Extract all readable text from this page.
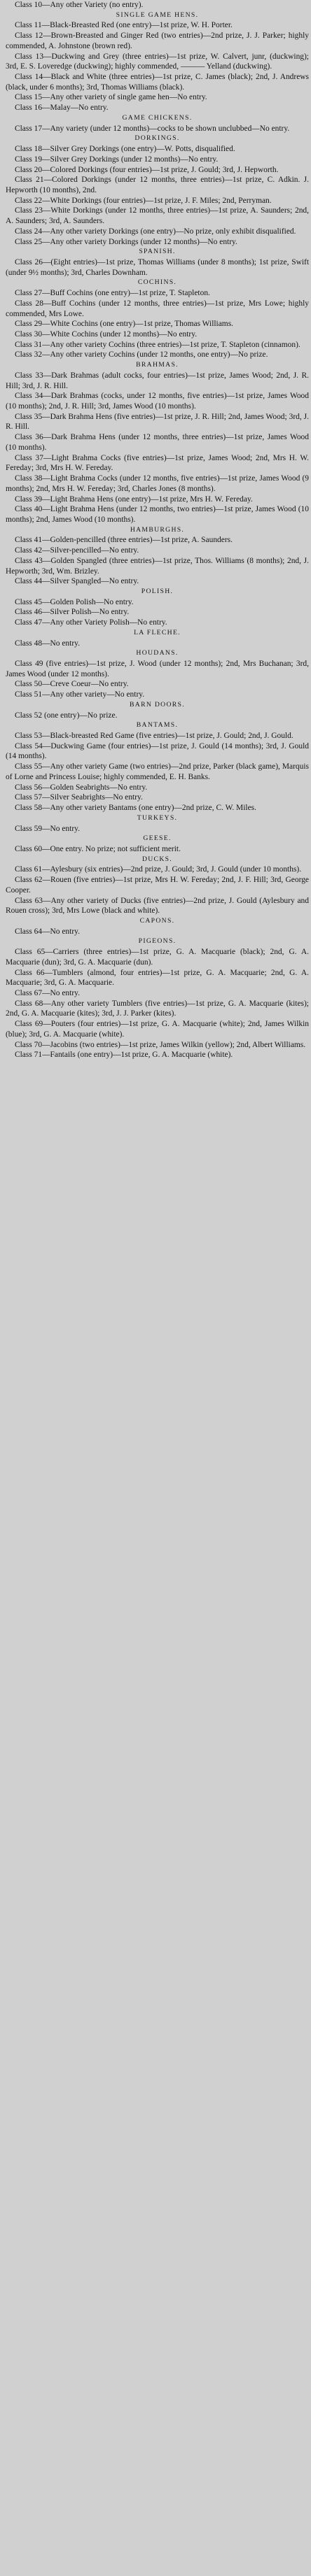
Class 10—Any other Variety (no entry).

SINGLE GAME HENS.

Class 11—Black-Breasted Red (one entry)—1st prize, W. H. Porter.

Class 12—Brown-Breasted and Ginger Red (two entries)—2nd prize, J. J. Parker; highly commended, A. Johnstone (brown red).

Class 13—Duckwing and Grey (three entries)—1st prize, W. Calvert, junr, (duckwing); 3rd, E. S. Loveredge (duckwing); highly commended, ——— Yelland (duckwing).

Class 14—Black and White (three entries)—1st prize, C. James (black); 2nd, J. Andrews (black, under 6 months); 3rd, Thomas Williams (black).

Class 15—Any other variety of single game hen—No entry.

Class 16—Malay—No entry.

GAME CHICKENS.

Class 17—Any variety (under 12 months)—cocks to be shown unclubbed—No entry.

DORKINGS.

Class 18—Silver Grey Dorkings (one entry)—W. Potts, disqualified.

Class 19—Silver Grey Dorkings (under 12 months)—No entry.

Class 20—Colored Dorkings (four entries)—1st prize, J. Gould; 3rd, J. Hepworth.

Class 21—Colored Dorkings (under 12 months, three entries)—1st prize, C. Adkin. J. Hepworth (10 months), 2nd.

Class 22—White Dorkings (four entries)—1st prize, J. F. Miles; 2nd, Perryman.

Class 23—White Dorkings (under 12 months, three entries)—1st prize, A. Saunders; 2nd, A. Saunders; 3rd, A. Saunders.

Class 24—Any other variety Dorkings (one entry)—No prize, only exhibit disqualified.

Class 25—Any other variety Dorkings (under 12 months)—No entry.

SPANISH.

Class 26—(Eight entries)—1st prize, Thomas Williams (under 8 months); 1st prize, Swift (under 9½ months); 3rd, Charles Downham.

COCHINS.

Class 27—Buff Cochins (one entry)—1st prize, T. Stapleton.

Class 28—Buff Cochins (under 12 months, three entries)—1st prize, Mrs Lowe; highly commended, Mrs Lowe.

Class 29—White Cochins (one entry)—1st prize, Thomas Williams.

Class 30—White Cochins (under 12 months)—No entry.

Class 31—Any other variety Cochins (three entries)—1st prize, T. Stapleton (cinnamon).

Class 32—Any other variety Cochins (under 12 months, one entry)—No prize.

BRAHMAS.

Class 33—Dark Brahmas (adult cocks, four entries)—1st prize, James Wood; 2nd, J. R. Hill; 3rd, J. R. Hill.

Class 34—Dark Brahmas (cocks, under 12 months, five entries)—1st prize, James Wood (10 months); 2nd, J. R. Hill; 3rd, James Wood (10 months).

Class 35—Dark Brahma Hens (five entries)—1st prize, J. R. Hill; 2nd, James Wood; 3rd, J. R. Hill.

Class 36—Dark Brahma Hens (under 12 months, three entries)—1st prize, James Wood (10 months).

Class 37—Light Brahma Cocks (five entries)—1st prize, James Wood; 2nd, Mrs H. W. Fereday; 3rd, Mrs H. W. Fereday.

Class 38—Light Brahma Cocks (under 12 months, five entries)—1st prize, James Wood (9 months); 2nd, Mrs H. W. Fereday; 3rd, Charles Jones (8 months).

Class 39—Light Brahma Hens (one entry)—1st prize, Mrs H. W. Fereday.

Class 40—Light Brahma Hens (under 12 months, two entries)—1st prize, James Wood (10 months); 2nd, James Wood (10 months).

HAMBURGHS.

Class 41—Golden-pencilled (three entries)—1st prize, A. Saunders.

Class 42—Silver-pencilled—No entry.

Class 43—Golden Spangled (three entries)—1st prize, Thos. Williams (8 months); 2nd, J. Hepworth; 3rd, Wm. Brizley.

Class 44—Silver Spangled—No entry.

POLISH.

Class 45—Golden Polish—No entry.

Class 46—Silver Polish—No entry.

Class 47—Any other Variety Polish—No entry.

LA FLECHE.

Class 48—No entry.

HOUDANS.

Class 49 (five entries)—1st prize, J. Wood (under 12 months); 2nd, Mrs Buchanan; 3rd, James Wood (under 12 months).

Class 50—Creve Coeur—No entry.

Class 51—Any other variety—No entry.

BARN DOORS.

Class 52 (one entry)—No prize.

BANTAMS.

Class 53—Black-breasted Red Game (five entries)—1st prize, J. Gould; 2nd, J. Gould.

Class 54—Duckwing Game (four entries)—1st prize, J. Gould (14 months); 3rd, J. Gould (14 months).

Class 55—Any other variety Game (two entries)—2nd prize, Parker (black game), Marquis of Lorne and Princess Louise; highly commended, E. H. Banks.

Class 56—Golden Seabrights—No entry.

Class 57—Silver Seabrights—No entry.

Class 58—Any other variety Bantams (one entry)—2nd prize, C. W. Miles.

TURKEYS.

Class 59—No entry.

GEESE.

Class 60—One entry. No prize; not sufficient merit.

DUCKS.

Class 61—Aylesbury (six entries)—2nd prize, J. Gould; 3rd, J. Gould (under 10 months).

Class 62—Rouen (five entries)—1st prize, Mrs H. W. Fereday; 2nd, J. F. Hill; 3rd, George Cooper.

Class 63—Any other variety of Ducks (five entries)—2nd prize, J. Gould (Aylesbury and Rouen cross); 3rd, Mrs Lowe (black and white).

CAPONS.

Class 64—No entry.

PIGEONS.

Class 65—Carriers (three entries)—1st prize, G. A. Macquarie (black); 2nd, G. A. Macquarie (dun); 3rd, G. A. Macquarie (dun).

Class 66—Tumblers (almond, four entries)—1st prize, G. A. Macquarie; 2nd, G. A. Macquarie; 3rd, G. A. Macquarie.

Class 67—No entry.

Class 68—Any other variety Tumblers (five entries)—1st prize, G. A. Macquarie (kites); 2nd, G. A. Macquarie (kites); 3rd, J. J. Parker (kites).

Class 69—Pouters (four entries)—1st prize, G. A. Macquarie (white); 2nd, James Wilkin (blue); 3rd, G. A. Macquarie (white).

Class 70—Jacobins (two entries)—1st prize, James Wilkin (yellow); 2nd, Albert Williams.

Class 71—Fantails (one entry)—1st prize, G. A. Macquarie (white).
